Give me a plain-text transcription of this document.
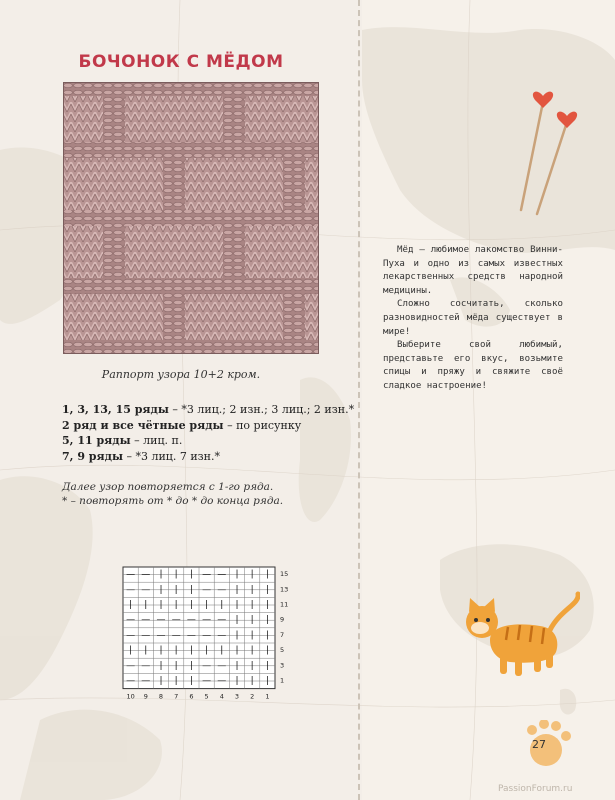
БОЧОНОК С МЁДОМ
Раппорт узора 10+2 кром.
1, 3, 13, 15 ряды – *3 лиц.; 2 изн.; 3 лиц.; 2 изн.*
2 ряд и все чётные ряды – по рисунку
5, 11 ряды – лиц. п.
7, 9 ряды – *3 лиц. 7 изн.*
Далее узор повторяется с 1-го ряда.
* – повторять от * до * до конца ряда.
— — | | | — — | | | 15
— — | | | — — | | | 13
| | | | | | | | | | 11
— — — — — — — | | | 9
— — — — — — — | | | 7
| | | | | | | | | | 5
— — | | | — — | | | 3
— — | | | — — | | | 1
10 9 8 7 6 5 4 3 2 1

Мёд – любимое лакомство Винни-Пуха и одно из самых известных лекарственных средств народной медицины.

Сложно сосчитать, сколько разновидностей мёда существует в мире!

Выберите свой любимый, представьте его вкус, возьмите спицы и пряжу и свяжите своё сладкое настроение!

27
PassionForum.ru
